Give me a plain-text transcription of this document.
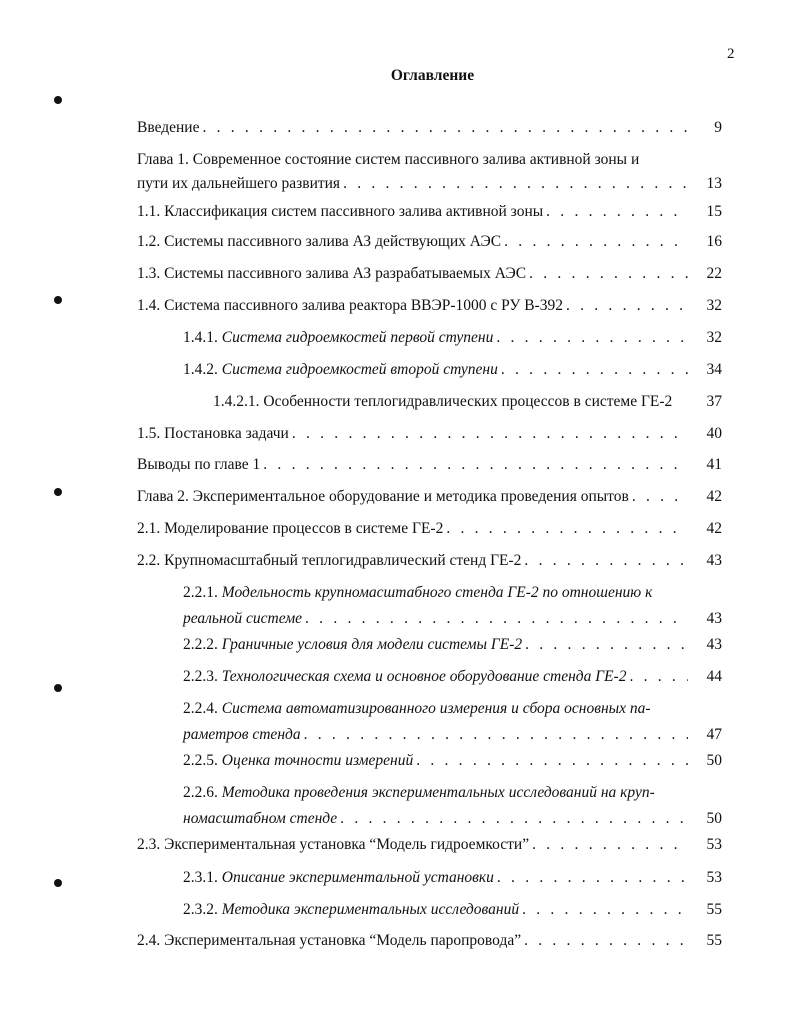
2
Оглавление
Введение . . .	9
Глава 1. Современное состояние систем пассивного залива активной зоны и
пути их дальнейшего развития . . .	13
1.1. Классификация систем пассивного залива активной зоны . . .	15
1.2. Системы пассивного залива АЗ действующих АЭС . . .	16
1.3. Системы пассивного залива АЗ разрабатываемых АЭС . . .	22
1.4. Система пассивного залива реактора ВВЭР-1000 с РУ В-392 . . .	32
1.4.1. Система гидроемкостей первой ступени . . .	32
1.4.2. Система гидроемкостей второй ступени . . .	34
1.4.2.1. Особенности теплогидравлических процессов в системе ГЕ-2	37
1.5. Постановка задачи . . .	40
Выводы по главе 1 . . .	41
Глава 2. Экспериментальное оборудование и методика проведения опытов . . .	42
2.1. Моделирование процессов в системе ГЕ-2 . . .	42
2.2. Крупномасштабный теплогидравлический стенд ГЕ-2 . . .	43
2.2.1. Модельность крупномасштабного стенда ГЕ-2 по отношению к
реальной системе . . .	43
2.2.2. Граничные условия для модели системы ГЕ-2 . . .	43
2.2.3. Технологическая схема и основное оборудование стенда ГЕ-2 . . .	44
2.2.4. Система автоматизированного измерения и сбора основных па-
раметров стенда . . .	47
2.2.5. Оценка точности измерений . . .	50
2.2.6. Методика проведения экспериментальных исследований на круп-
номасштабном стенде . . .	50
2.3. Экспериментальная установка “Модель гидроемкости” . . .	53
2.3.1. Описание экспериментальной установки . . .	53
2.3.2. Методика экспериментальных исследований . . .	55
2.4. Экспериментальная установка “Модель паропровода” . . .	55
